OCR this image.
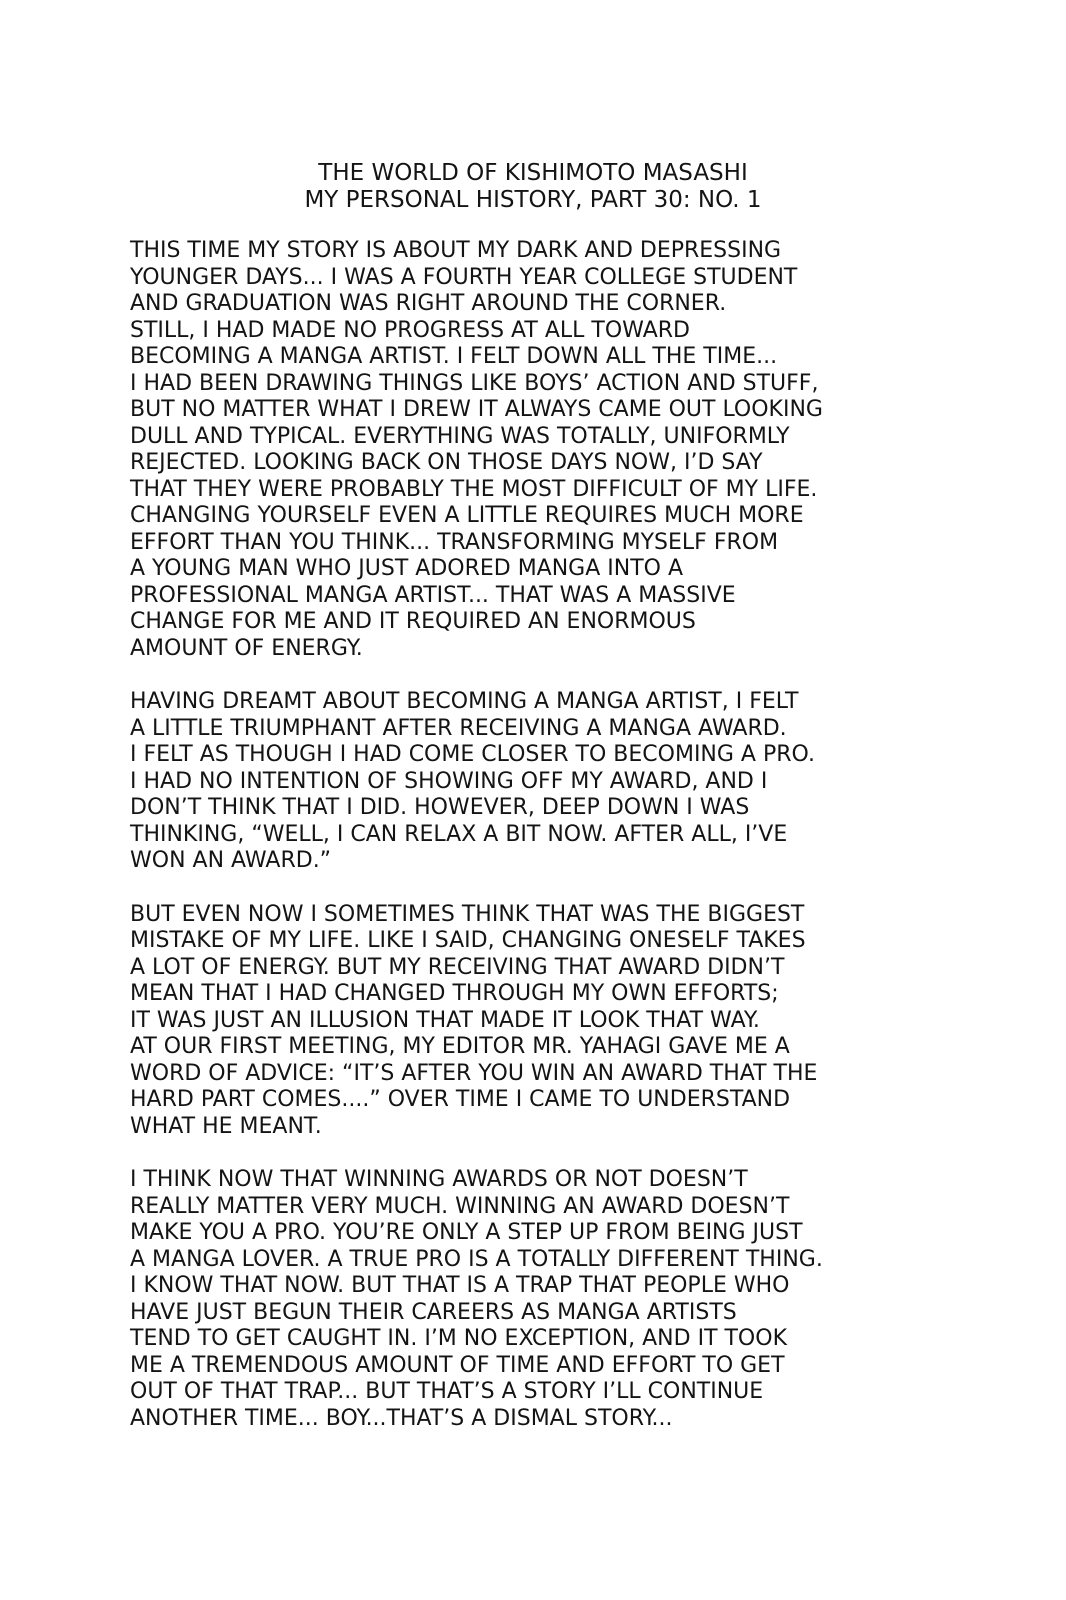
THE WORLD OF KISHIMOTO MASASHI
MY PERSONAL HISTORY, PART 30: NO. 1
THIS TIME MY STORY IS ABOUT MY DARK AND DEPRESSING
YOUNGER DAYS... I WAS A FOURTH YEAR COLLEGE STUDENT
AND GRADUATION WAS RIGHT AROUND THE CORNER.
STILL, I HAD MADE NO PROGRESS AT ALL TOWARD
BECOMING A MANGA ARTIST. I FELT DOWN ALL THE TIME...
I HAD BEEN DRAWING THINGS LIKE BOYS’ ACTION AND STUFF,
BUT NO MATTER WHAT I DREW IT ALWAYS CAME OUT LOOKING
DULL AND TYPICAL. EVERYTHING WAS TOTALLY, UNIFORMLY
REJECTED. LOOKING BACK ON THOSE DAYS NOW, I’D SAY
THAT THEY WERE PROBABLY THE MOST DIFFICULT OF MY LIFE.
CHANGING YOURSELF EVEN A LITTLE REQUIRES MUCH MORE
EFFORT THAN YOU THINK... TRANSFORMING MYSELF FROM
A YOUNG MAN WHO JUST ADORED MANGA INTO A
PROFESSIONAL MANGA ARTIST... THAT WAS A MASSIVE
CHANGE FOR ME AND IT REQUIRED AN ENORMOUS
AMOUNT OF ENERGY.
HAVING DREAMT ABOUT BECOMING A MANGA ARTIST, I FELT
A LITTLE TRIUMPHANT AFTER RECEIVING A MANGA AWARD.
I FELT AS THOUGH I HAD COME CLOSER TO BECOMING A PRO.
I HAD NO INTENTION OF SHOWING OFF MY AWARD, AND I
DON’T THINK THAT I DID. HOWEVER, DEEP DOWN I WAS
THINKING, “WELL, I CAN RELAX A BIT NOW. AFTER ALL, I’VE
WON AN AWARD.”
BUT EVEN NOW I SOMETIMES THINK THAT WAS THE BIGGEST
MISTAKE OF MY LIFE. LIKE I SAID, CHANGING ONESELF TAKES
A LOT OF ENERGY. BUT MY RECEIVING THAT AWARD DIDN’T
MEAN THAT I HAD CHANGED THROUGH MY OWN EFFORTS;
IT WAS JUST AN ILLUSION THAT MADE IT LOOK THAT WAY.
AT OUR FIRST MEETING, MY EDITOR MR. YAHAGI GAVE ME A
WORD OF ADVICE: “IT’S AFTER YOU WIN AN AWARD THAT THE
HARD PART COMES....” OVER TIME I CAME TO UNDERSTAND
WHAT HE MEANT.
I THINK NOW THAT WINNING AWARDS OR NOT DOESN’T
REALLY MATTER VERY MUCH. WINNING AN AWARD DOESN’T
MAKE YOU A PRO. YOU’RE ONLY A STEP UP FROM BEING JUST
A MANGA LOVER. A TRUE PRO IS A TOTALLY DIFFERENT THING.
I KNOW THAT NOW. BUT THAT IS A TRAP THAT PEOPLE WHO
HAVE JUST BEGUN THEIR CAREERS AS MANGA ARTISTS
TEND TO GET CAUGHT IN. I’M NO EXCEPTION, AND IT TOOK
ME A TREMENDOUS AMOUNT OF TIME AND EFFORT TO GET
OUT OF THAT TRAP... BUT THAT’S A STORY I’LL CONTINUE
ANOTHER TIME... BOY...THAT’S A DISMAL STORY...
